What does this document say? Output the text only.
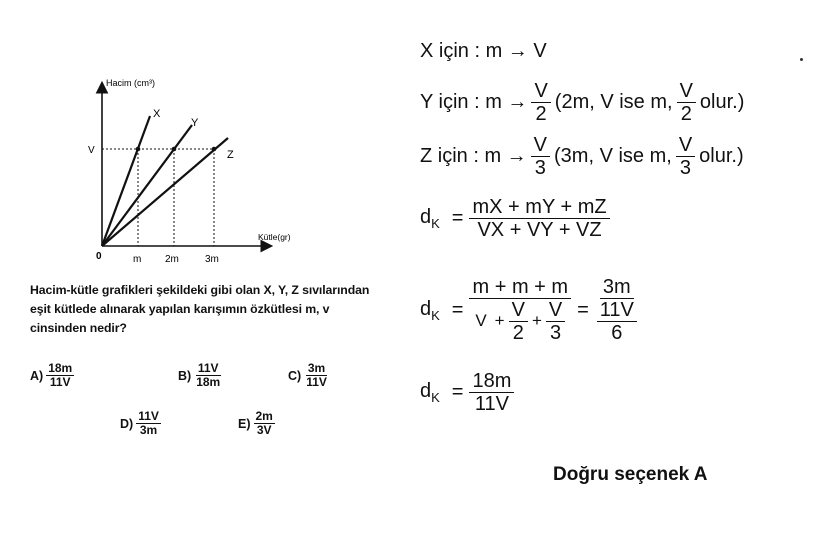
Hacim (cm³)
Kütle(gr)
0
V
m 2m	3m
X
Y
Z
Hacim-kütle grafikleri şekildeki gibi olan X, Y, Z sıvılarından eşit kütlede alınarak yapılan karışımın özkütlesi m, v cinsinden nedir?
$A) \frac{18m}{11V}$	$B) \frac{11V}{18m}$	$C) \frac{3m}{11V}$
$D) \frac{11V}{3m}$	$E) \frac{2m}{3V}$
X için : m → V
Y için : $m \to \frac{V}{2} (2m$, V ise m, $\frac{V}{2}$ olur.)
Z için : $m \to \frac{V}{3} (3m$, V ise m, $\frac{V}{3}$ olur.)
$d_K = \frac{mX + mY + mZ}{VX + VY + VZ}$
$d_K = \frac{m + m + m}{V + \frac{V}{2} + \frac{V}{3}} = \frac{3m}{\frac{11V}{6}}$
$d_K = \frac{18m}{11V}$
Doğru seçenek A
